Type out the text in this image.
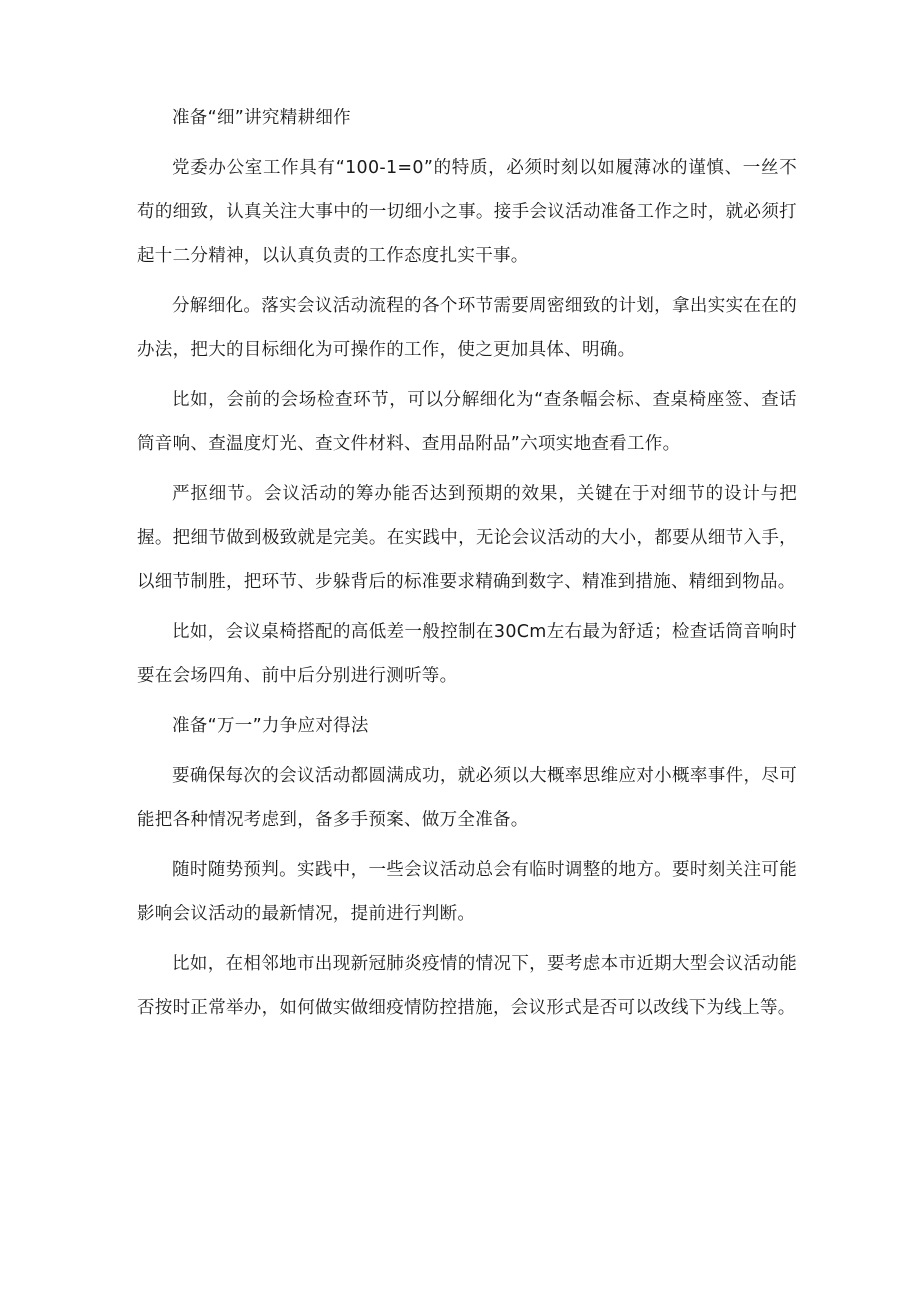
准备“细”讲究精耕细作

党委办公室工作具有“100-1=0”的特质，必须时刻以如履薄冰的谨慎、一丝不苟的细致，认真关注大事中的一切细小之事。接手会议活动准备工作之时，就必须打起十二分精神，以认真负责的工作态度扎实干事。

分解细化。落实会议活动流程的各个环节需要周密细致的计划，拿出实实在在的办法，把大的目标细化为可操作的工作，使之更加具体、明确。

比如，会前的会场检查环节，可以分解细化为“查条幅会标、查桌椅座签、查话筒音响、查温度灯光、查文件材料、查用品附品”六项实地查看工作。

严抠细节。会议活动的筹办能否达到预期的效果，关键在于对细节的设计与把握。把细节做到极致就是完美。在实践中，无论会议活动的大小，都要从细节入手，以细节制胜，把环节、步躲背后的标准要求精确到数字、精准到措施、精细到物品。

比如，会议桌椅搭配的高低差一般控制在30Cm左右最为舒适；检查话筒音响时要在会场四角、前中后分别进行测听等。

准备“万一”力争应对得法

要确保每次的会议活动都圆满成功，就必须以大概率思维应对小概率事件，尽可能把各种情况考虑到，备多手预案、做万全准备。

随时随势预判。实践中，一些会议活动总会有临时调整的地方。要时刻关注可能影响会议活动的最新情况，提前进行判断。

比如，在相邻地市出现新冠肺炎疫情的情况下，要考虑本市近期大型会议活动能否按时正常举办，如何做实做细疫情防控措施，会议形式是否可以改线下为线上等。
